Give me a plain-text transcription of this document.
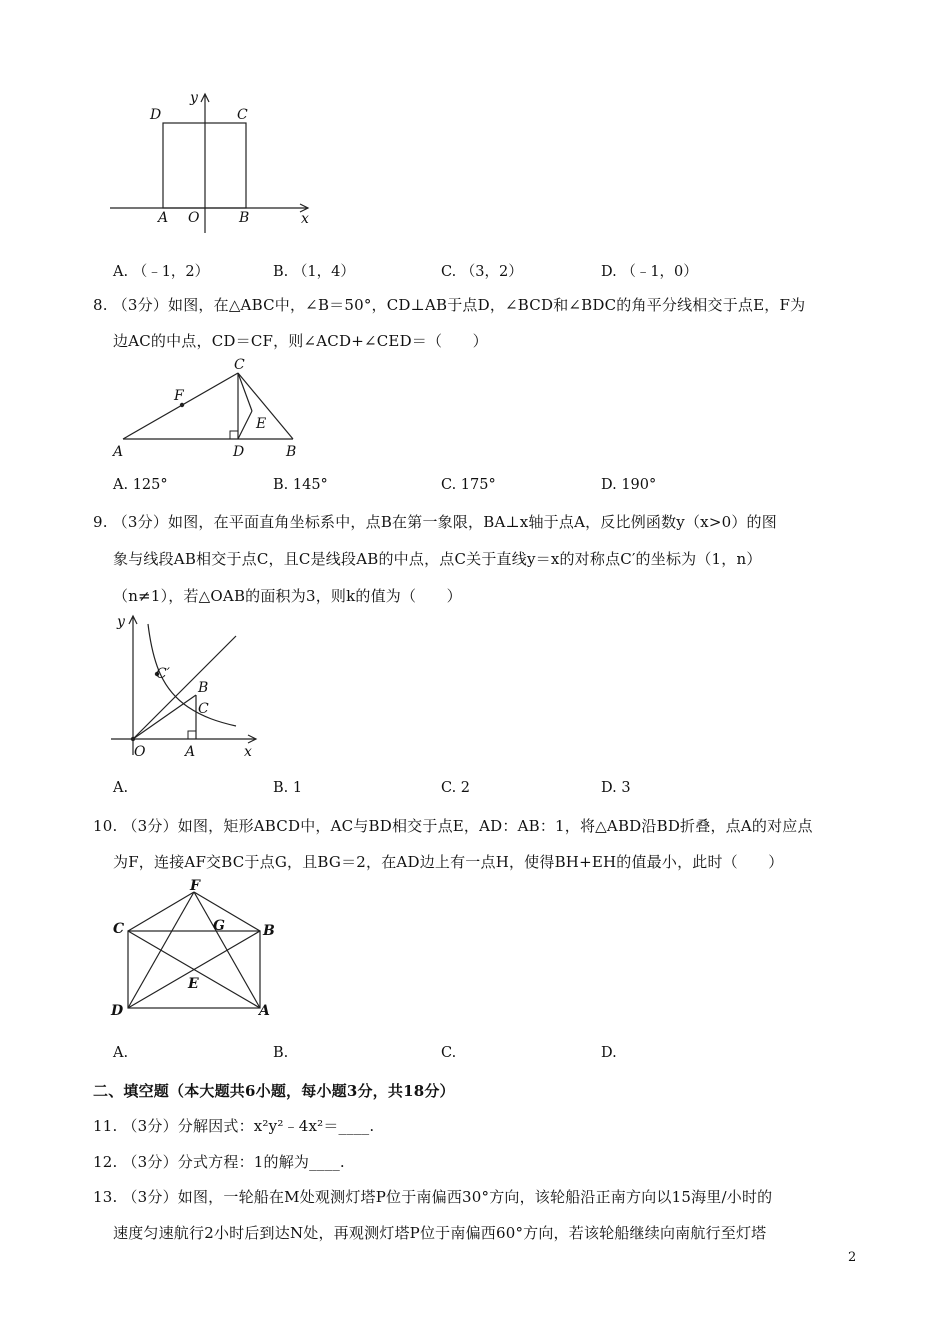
y
x
D	C
A O	B
A. （﹣1，2）	B. （1，4）	C. （3，2）	D. （﹣1，0）
8. （3分）如图，在△ABC中，∠B＝50°，CD⊥AB于点D，∠BCD和∠BDC的角平分线相交于点E，F为
边AC的中点，CD＝CF，则∠ACD+∠CED＝（　　）
C
F
E
A	D	B
A. 125°	B. 145°	C. 175°	D. 190°
9. （3分）如图，在平面直角坐标系中，点B在第一象限，BA⊥x轴于点A，反比例函数y（x>0）的图
象与线段AB相交于点C，且C是线段AB的中点，点C关于直线y＝x的对称点C′的坐标为（1，n）
（n≠1），若△OAB的面积为3，则k的值为（　　）
y
x
C′
B
C
O	A
A.	B. 1	C. 2	D. 3
10. （3分）如图，矩形ABCD中，AC与BD相交于点E，AD：AB：1，将△ABD沿BD折叠，点A的对应点
为F，连接AF交BC于点G，且BG＝2，在AD边上有一点H，使得BH+EH的值最小，此时（　　）
F
C	G	B
E
D	A
A.	B.	C.	D.
二、填空题（本大题共6小题，每小题3分，共18分）
11. （3分）分解因式：x²y²﹣4x²＝____.
12. （3分）分式方程：1的解为____.
13. （3分）如图，一轮船在M处观测灯塔P位于南偏西30°方向，该轮船沿正南方向以15海里/小时的
速度匀速航行2小时后到达N处，再观测灯塔P位于南偏西60°方向，若该轮船继续向南航行至灯塔
2
